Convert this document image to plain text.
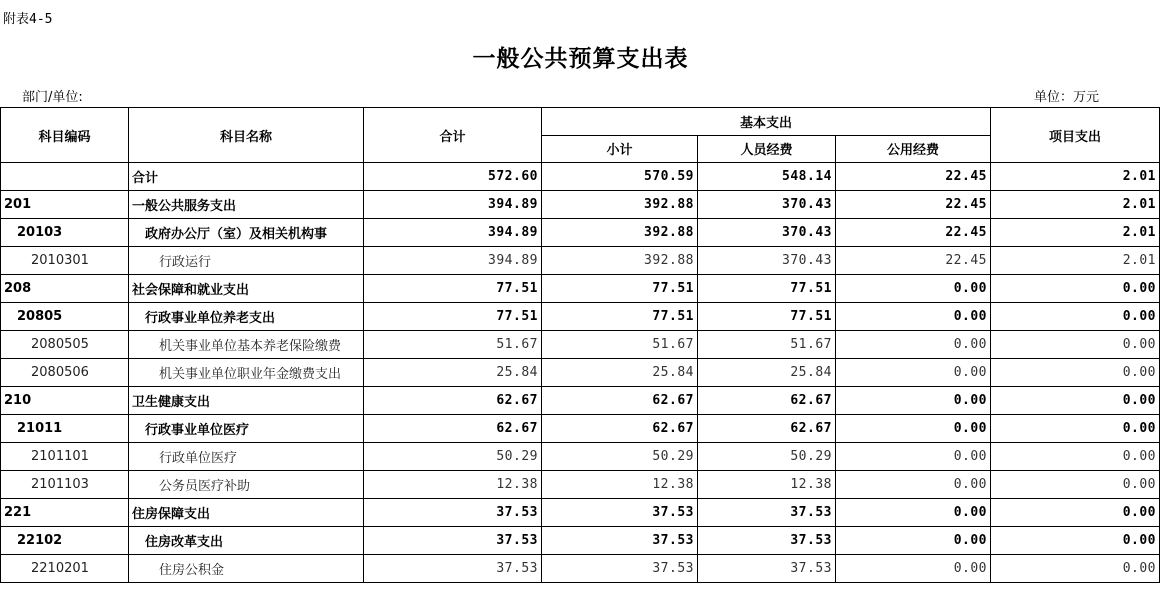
附表4-5
一般公共预算支出表
部门/单位:	单位：万元
科目编码	科目名称	合计	基本支出			项目支出
			小计	人员经费	公用经费	
	合计	572.60	570.59	548.14	22.45	2.01
201	一般公共服务支出	394.89	392.88	370.43	22.45	2.01
20103	政府办公厅（室）及相关机构事	394.89	392.88	370.43	22.45	2.01
2010301	行政运行	394.89	392.88	370.43	22.45	2.01
208	社会保障和就业支出	77.51	77.51	77.51	0.00	0.00
20805	行政事业单位养老支出	77.51	77.51	77.51	0.00	0.00
2080505	机关事业单位基本养老保险缴费	51.67	51.67	51.67	0.00	0.00
2080506	机关事业单位职业年金缴费支出	25.84	25.84	25.84	0.00	0.00
210	卫生健康支出	62.67	62.67	62.67	0.00	0.00
21011	行政事业单位医疗	62.67	62.67	62.67	0.00	0.00
2101101	行政单位医疗	50.29	50.29	50.29	0.00	0.00
2101103	公务员医疗补助	12.38	12.38	12.38	0.00	0.00
221	住房保障支出	37.53	37.53	37.53	0.00	0.00
22102	住房改革支出	37.53	37.53	37.53	0.00	0.00
2210201	住房公积金	37.53	37.53	37.53	0.00	0.00
